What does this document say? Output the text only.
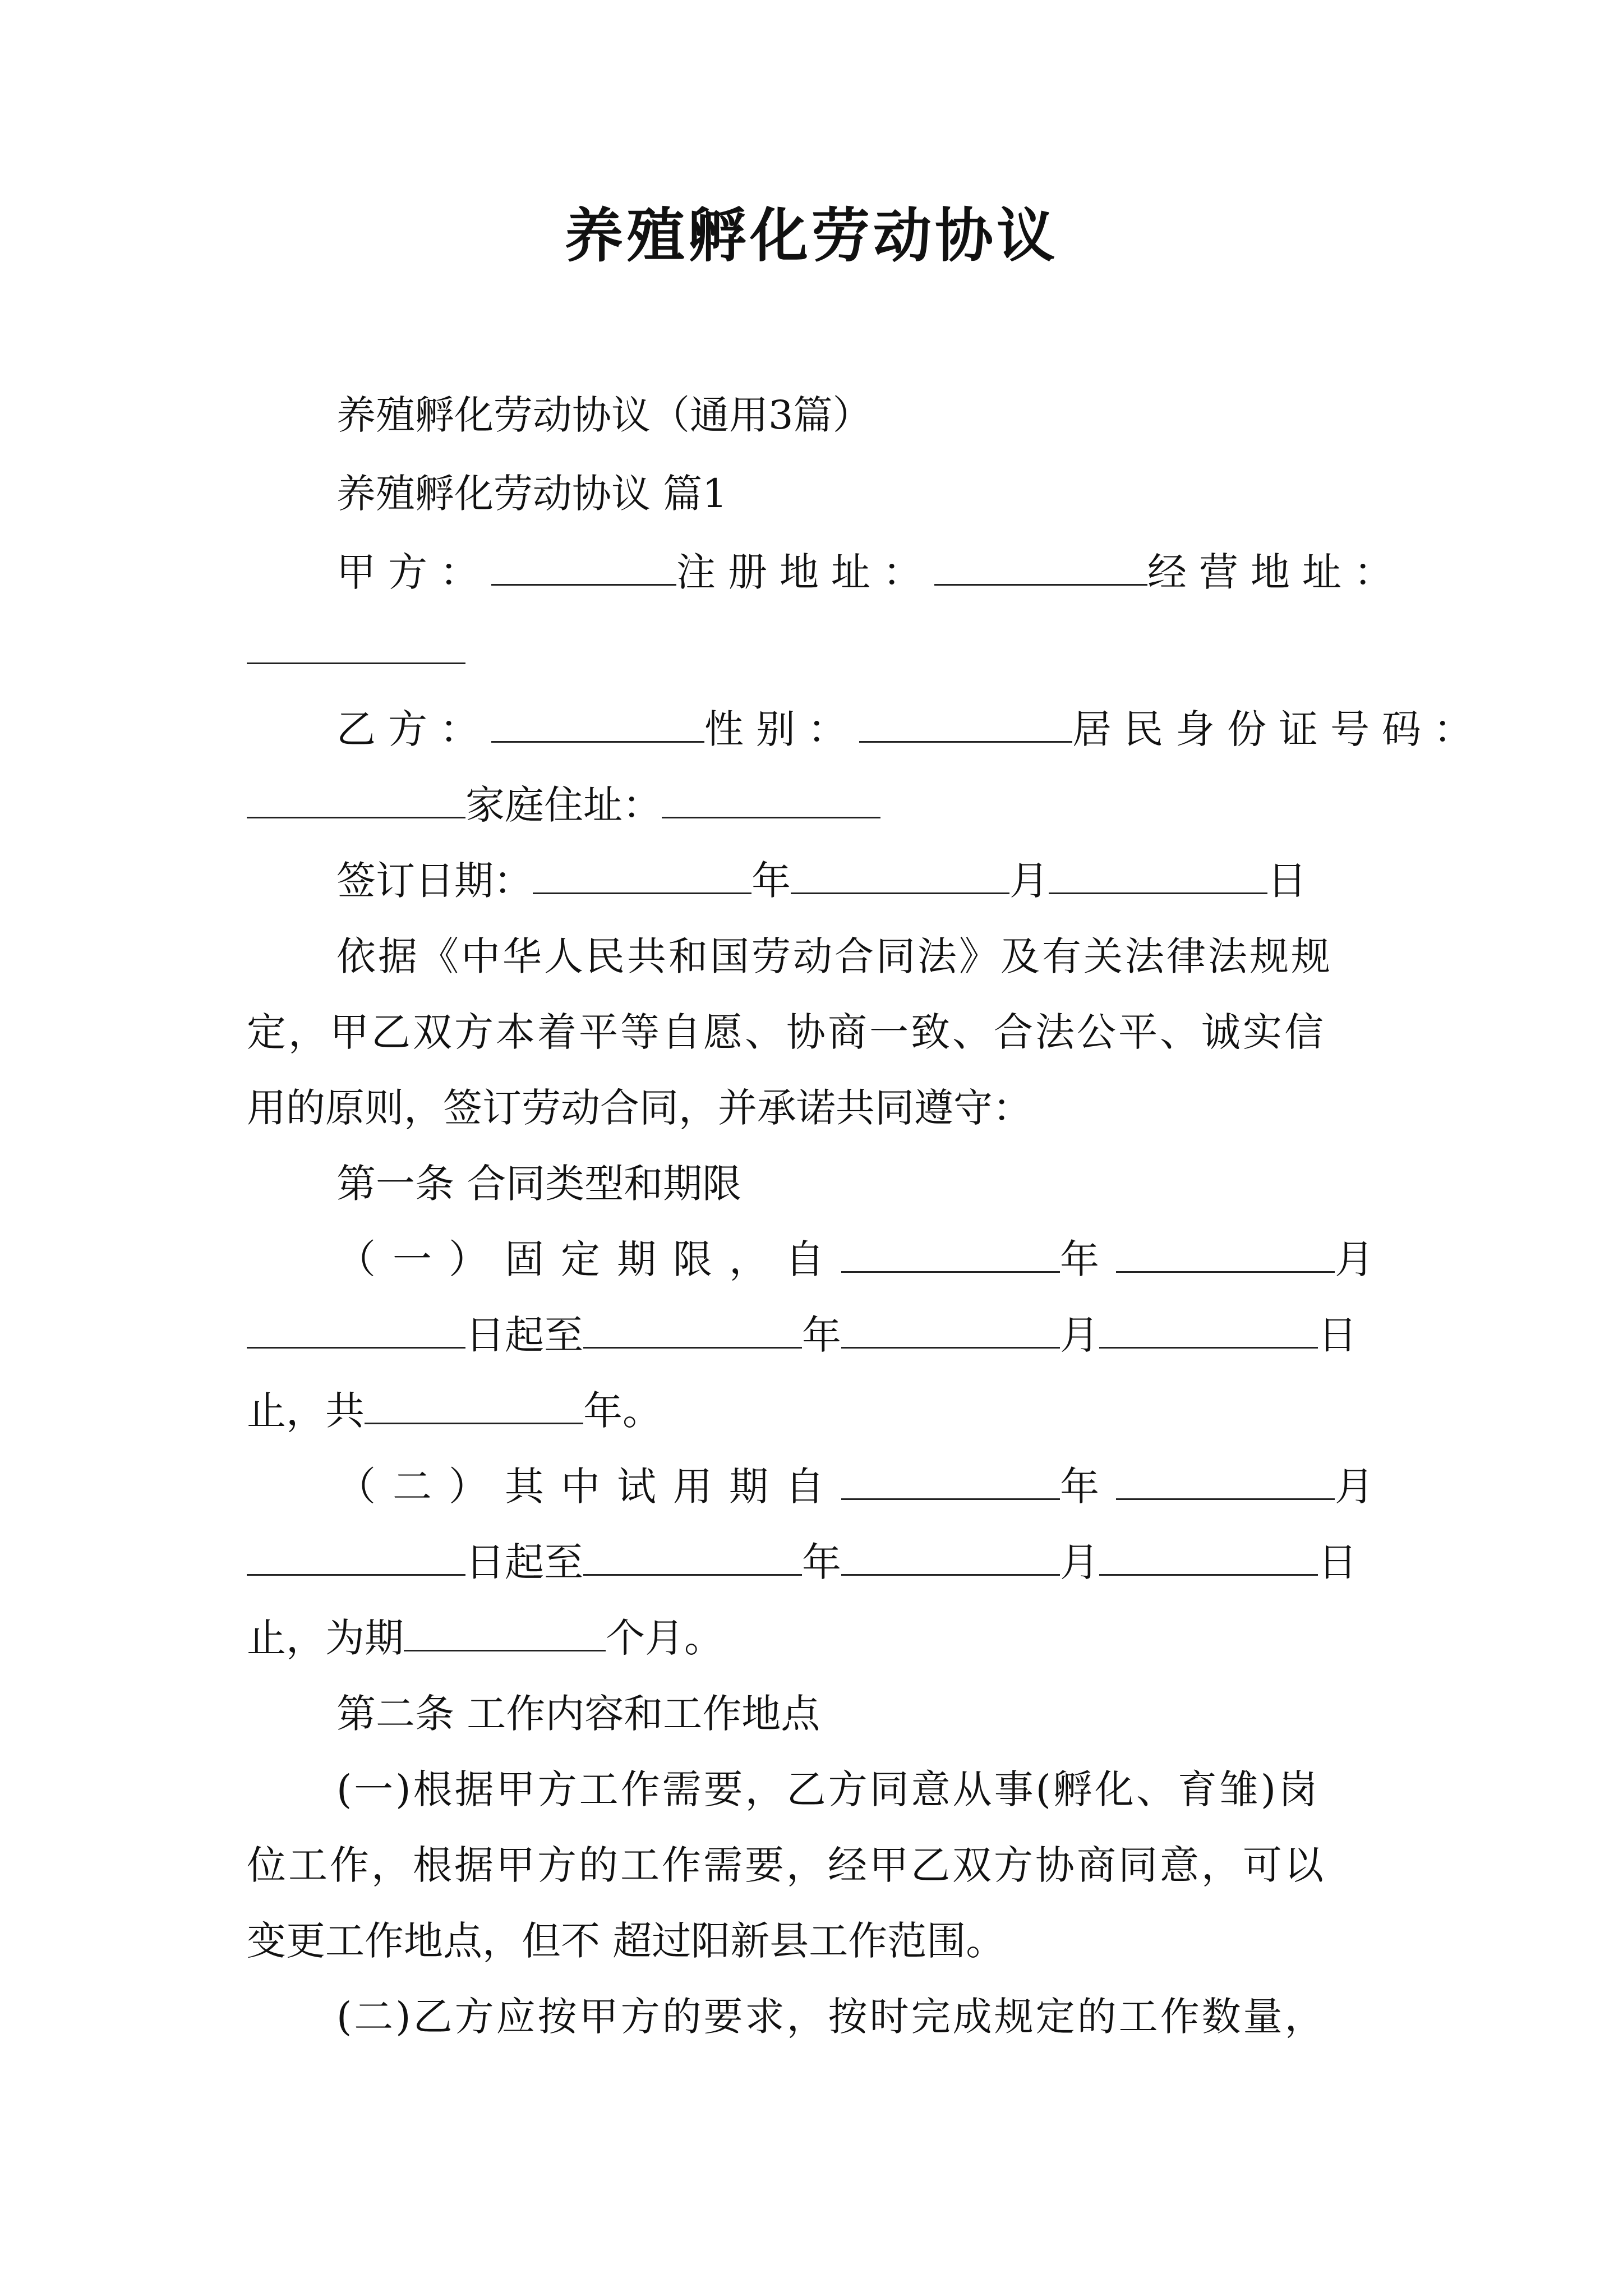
养殖孵化劳动协议
养殖孵化劳动协议（通用3篇）
养殖孵化劳动协议 篇1
甲方：	注册地址：	经营地址：
乙方：	性别：	居民身份证号码：
家庭住址：
签订日期：	年	月	日
依据《中华人民共和国劳动合同法》及有关法律法规规
定，甲乙双方本着平等自愿、协商一致、合法公平、诚实信
用的原则，签订劳动合同，并承诺共同遵守：
第一条 合同类型和期限
（一）固定期限，自	年	月
日起至	年	月	日
止，共	年。
（二）其中试用期自	年	月
日起至	年	月	日
止，为期	个月。
第二条 工作内容和工作地点
(一)根据甲方工作需要，乙方同意从事(孵化、育雏)岗
位工作，根据甲方的工作需要，经甲乙双方协商同意，可以
变更工作地点，但不 超过阳新县工作范围。
(二)乙方应按甲方的要求，按时完成规定的工作数量，
